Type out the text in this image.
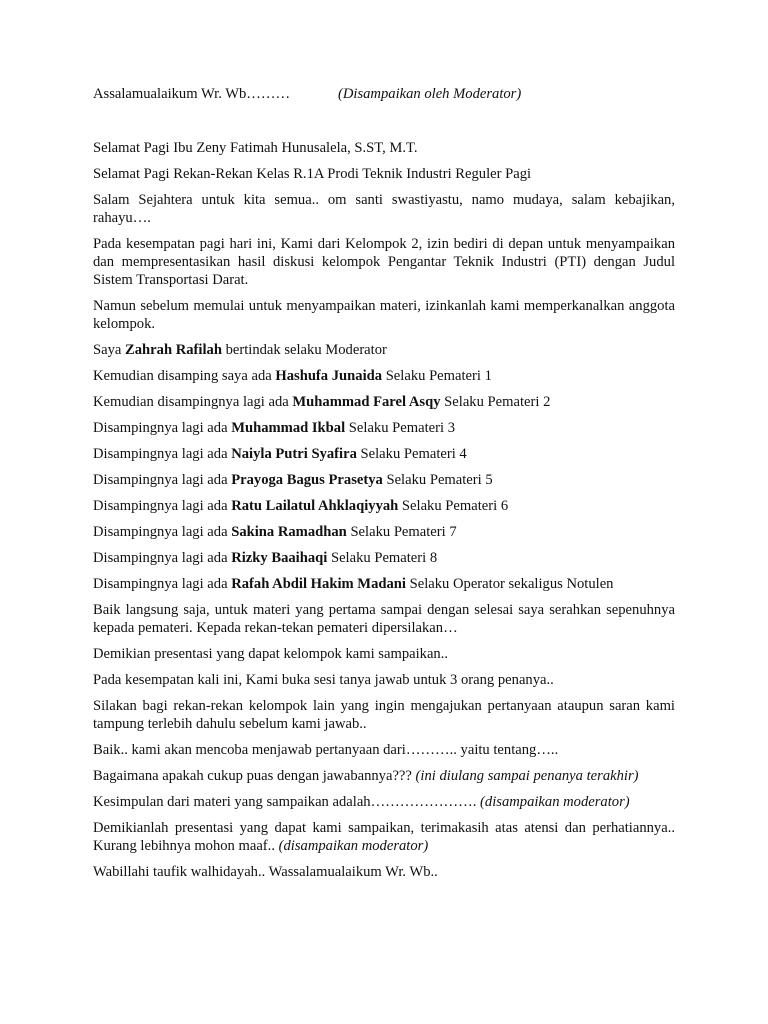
Assalamualaikum Wr. Wb………	(Disampaikan oleh Moderator)

Selamat Pagi Ibu Zeny Fatimah Hunusalela, S.ST, M.T.

Selamat Pagi Rekan-Rekan Kelas R.1A Prodi Teknik Industri Reguler Pagi

Salam Sejahtera untuk kita semua.. om santi swastiyastu, namo mudaya, salam kebajikan, rahayu….

Pada kesempatan pagi hari ini, Kami dari Kelompok 2, izin bediri di depan untuk menyampaikan dan mempresentasikan hasil diskusi kelompok Pengantar Teknik Industri (PTI) dengan Judul Sistem Transportasi Darat.

Namun sebelum memulai untuk menyampaikan materi, izinkanlah kami memperkanalkan anggota kelompok.

Saya Zahrah Rafilah bertindak selaku Moderator

Kemudian disamping saya ada Hashufa Junaida Selaku Pemateri 1

Kemudian disampingnya lagi ada Muhammad Farel Asqy Selaku Pemateri 2

Disampingnya lagi ada Muhammad Ikbal Selaku Pemateri 3

Disampingnya lagi ada Naiyla Putri Syafira Selaku Pemateri 4

Disampingnya lagi ada Prayoga Bagus Prasetya Selaku Pemateri 5

Disampingnya lagi ada Ratu Lailatul Ahklaqiyyah Selaku Pemateri 6

Disampingnya lagi ada Sakina Ramadhan Selaku Pemateri 7

Disampingnya lagi ada Rizky Baaihaqi Selaku Pemateri 8

Disampingnya lagi ada Rafah Abdil Hakim Madani Selaku Operator sekaligus Notulen

Baik langsung saja, untuk materi yang pertama sampai dengan selesai saya serahkan sepenuhnya kepada pemateri. Kepada rekan-tekan pemateri dipersilakan…

Demikian presentasi yang dapat kelompok kami sampaikan..

Pada kesempatan kali ini, Kami buka sesi tanya jawab untuk 3 orang penanya..

Silakan bagi rekan-rekan kelompok lain yang ingin mengajukan pertanyaan ataupun saran kami tampung terlebih dahulu sebelum kami jawab..

Baik.. kami akan mencoba menjawab pertanyaan dari……….. yaitu tentang…..

Bagaimana apakah cukup puas dengan jawabannya??? (ini diulang sampai penanya terakhir)

Kesimpulan dari materi yang sampaikan adalah…………………. (disampaikan moderator)

Demikianlah presentasi yang dapat kami sampaikan, terimakasih atas atensi dan perhatiannya.. Kurang lebihnya mohon maaf.. (disampaikan moderator)

Wabillahi taufik walhidayah.. Wassalamualaikum Wr. Wb..
